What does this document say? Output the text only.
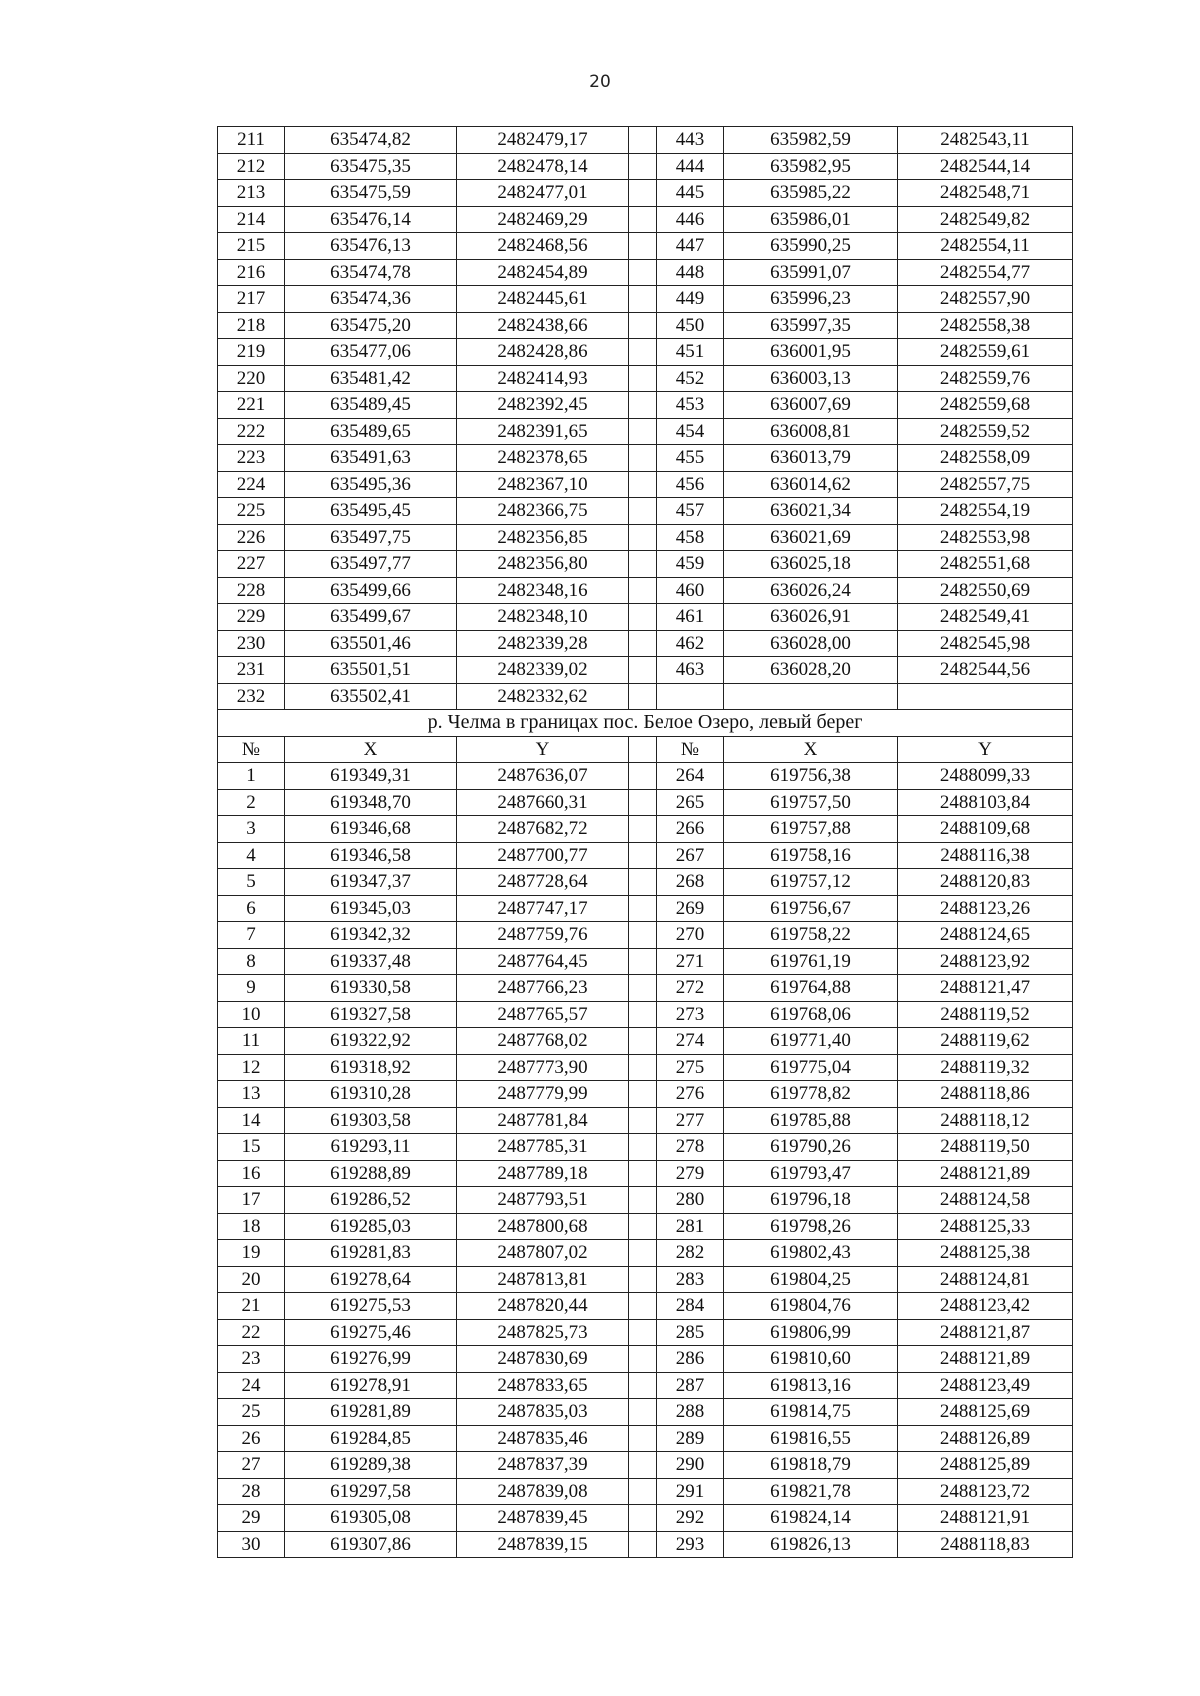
20
211	635474,82	2482479,17		443	635982,59	2482543,11
212	635475,35	2482478,14		444	635982,95	2482544,14
213	635475,59	2482477,01		445	635985,22	2482548,71
214	635476,14	2482469,29		446	635986,01	2482549,82
215	635476,13	2482468,56		447	635990,25	2482554,11
216	635474,78	2482454,89		448	635991,07	2482554,77
217	635474,36	2482445,61		449	635996,23	2482557,90
218	635475,20	2482438,66		450	635997,35	2482558,38
219	635477,06	2482428,86		451	636001,95	2482559,61
220	635481,42	2482414,93		452	636003,13	2482559,76
221	635489,45	2482392,45		453	636007,69	2482559,68
222	635489,65	2482391,65		454	636008,81	2482559,52
223	635491,63	2482378,65		455	636013,79	2482558,09
224	635495,36	2482367,10		456	636014,62	2482557,75
225	635495,45	2482366,75		457	636021,34	2482554,19
226	635497,75	2482356,85		458	636021,69	2482553,98
227	635497,77	2482356,80		459	636025,18	2482551,68
228	635499,66	2482348,16		460	636026,24	2482550,69
229	635499,67	2482348,10		461	636026,91	2482549,41
230	635501,46	2482339,28		462	636028,00	2482545,98
231	635501,51	2482339,02		463	636028,20	2482544,56
232	635502,41	2482332,62				
р. Челма в границах пос. Белое Озеро, левый берег						
№	X	Y		№	X	Y
1	619349,31	2487636,07		264	619756,38	2488099,33
2	619348,70	2487660,31		265	619757,50	2488103,84
3	619346,68	2487682,72		266	619757,88	2488109,68
4	619346,58	2487700,77		267	619758,16	2488116,38
5	619347,37	2487728,64		268	619757,12	2488120,83
6	619345,03	2487747,17		269	619756,67	2488123,26
7	619342,32	2487759,76		270	619758,22	2488124,65
8	619337,48	2487764,45		271	619761,19	2488123,92
9	619330,58	2487766,23		272	619764,88	2488121,47
10	619327,58	2487765,57		273	619768,06	2488119,52
11	619322,92	2487768,02		274	619771,40	2488119,62
12	619318,92	2487773,90		275	619775,04	2488119,32
13	619310,28	2487779,99		276	619778,82	2488118,86
14	619303,58	2487781,84		277	619785,88	2488118,12
15	619293,11	2487785,31		278	619790,26	2488119,50
16	619288,89	2487789,18		279	619793,47	2488121,89
17	619286,52	2487793,51		280	619796,18	2488124,58
18	619285,03	2487800,68		281	619798,26	2488125,33
19	619281,83	2487807,02		282	619802,43	2488125,38
20	619278,64	2487813,81		283	619804,25	2488124,81
21	619275,53	2487820,44		284	619804,76	2488123,42
22	619275,46	2487825,73		285	619806,99	2488121,87
23	619276,99	2487830,69		286	619810,60	2488121,89
24	619278,91	2487833,65		287	619813,16	2488123,49
25	619281,89	2487835,03		288	619814,75	2488125,69
26	619284,85	2487835,46		289	619816,55	2488126,89
27	619289,38	2487837,39		290	619818,79	2488125,89
28	619297,58	2487839,08		291	619821,78	2488123,72
29	619305,08	2487839,45		292	619824,14	2488121,91
30	619307,86	2487839,15		293	619826,13	2488118,83
